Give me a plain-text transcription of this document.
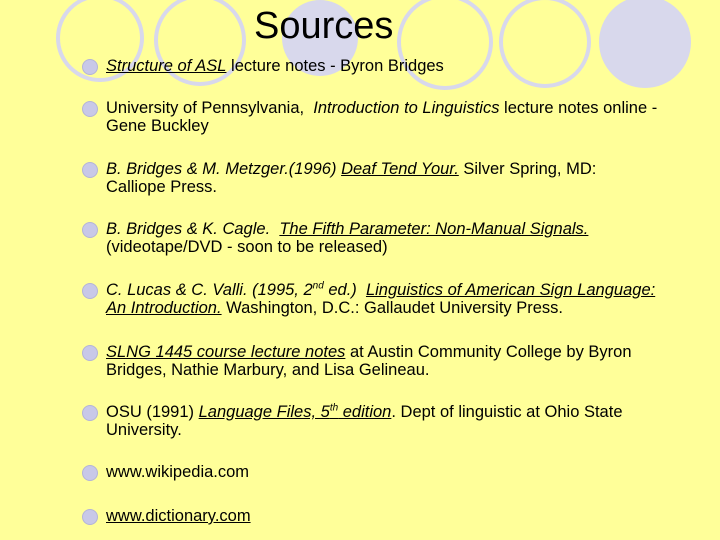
Sources
Structure of ASL lecture notes - Byron Bridges
University of Pennsylvania,  Introduction to Linguistics lecture notes online -
Gene Buckley
B. Bridges & M. Metzger.(1996) Deaf Tend Your. Silver Spring, MD:
Calliope Press.
B. Bridges & K. Cagle.  The Fifth Parameter: Non-Manual Signals.
(videotape/DVD - soon to be released)
C. Lucas & C. Valli. (1995, 2nd ed.)  Linguistics of American Sign Language:
An Introduction. Washington, D.C.: Gallaudet University Press.
SLNG 1445 course lecture notes at Austin Community College by Byron
Bridges, Nathie Marbury, and Lisa Gelineau.
OSU (1991) Language Files, 5th edition. Dept of linguistic at Ohio State
University.
www.wikipedia.com
www.dictionary.com
